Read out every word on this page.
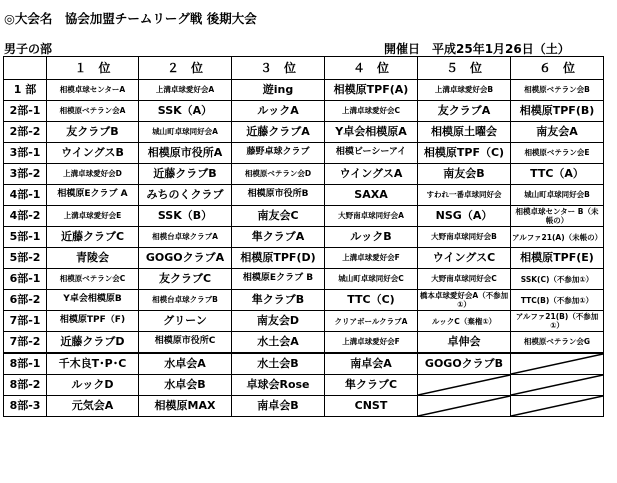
◎大会名　協会加盟チームリーグ戦 後期大会
男子の部	開催日　平成25年1月26日（土）
	１　位	２　位	３　位	４　位	５　位	６　位
1 部	相模卓球センターA	上溝卓球愛好会A	遊ing	相模原TPF(A)	上溝卓球愛好会B	相模原ベテラン会B
2部-1	相模原ベテラン会A	SSK（A）	ルックA	上溝卓球愛好会C	友クラブA	相模原TPF(B)
2部-2	友クラブB	城山町卓球同好会A	近藤クラブA	Y卓会相模原A	相模原土曜会	南友会A
3部-1	ウイングスB	相模原市役所A	藤野卓球クラブ	相模ビーシーアイ	相模原TPF（C)	相模原ベテラン会E
3部-2	上溝卓球愛好会D	近藤クラブB	相模原ベテラン会D	ウイングスA	南友会B	TTC（A）
4部-1	相模原Eクラブ A	みちのくクラブ	相模原市役所B	SAXA	すわれ一番卓球同好会	城山町卓球同好会B
4部-2	上溝卓球愛好会E	SSK（B）	南友会C	大野南卓球同好会A	NSG（A）	相模卓球センター B（未帳の）
5部-1	近藤クラブC	相模台卓球クラブA	隼クラブA	ルックB	大野南卓球同好会B	アルファ21(A)（未帳の）
5部-2	青陵会	GOGOクラブA	相模原TPF(D)	上溝卓球愛好会F	ウイングスC	相模原TPF(E)
6部-1	相模原ベテラン会C	友クラブC	相模原Eクラブ B	城山町卓球同好会C	大野南卓球同好会C	SSK(C)（不参加①）
6部-2	Y卓会相模原B	相模台卓球クラブB	隼クラブB	TTC（C)	橋本卓球愛好会A（不参加①）	TTC(B)（不参加①）
7部-1	相模原TPF（F)	グリーン	南友会D	クリアボールクラブA	ルックC（棄権①）	アルファ21(B)（不参加①）
7部-2	近藤クラブD	相模原市役所C	水土会A	上溝卓球愛好会F	卓伸会	相模原ベテラン会G
8部-1	千木良T･P･C	水卓会A	水土会B	南卓会A	GOGOクラブB	

8部-2	ルックD	水卓会B	卓球会Rose	隼クラブC	

8部-3	元気会A	相模原MAX	南卓会B	CNST	
